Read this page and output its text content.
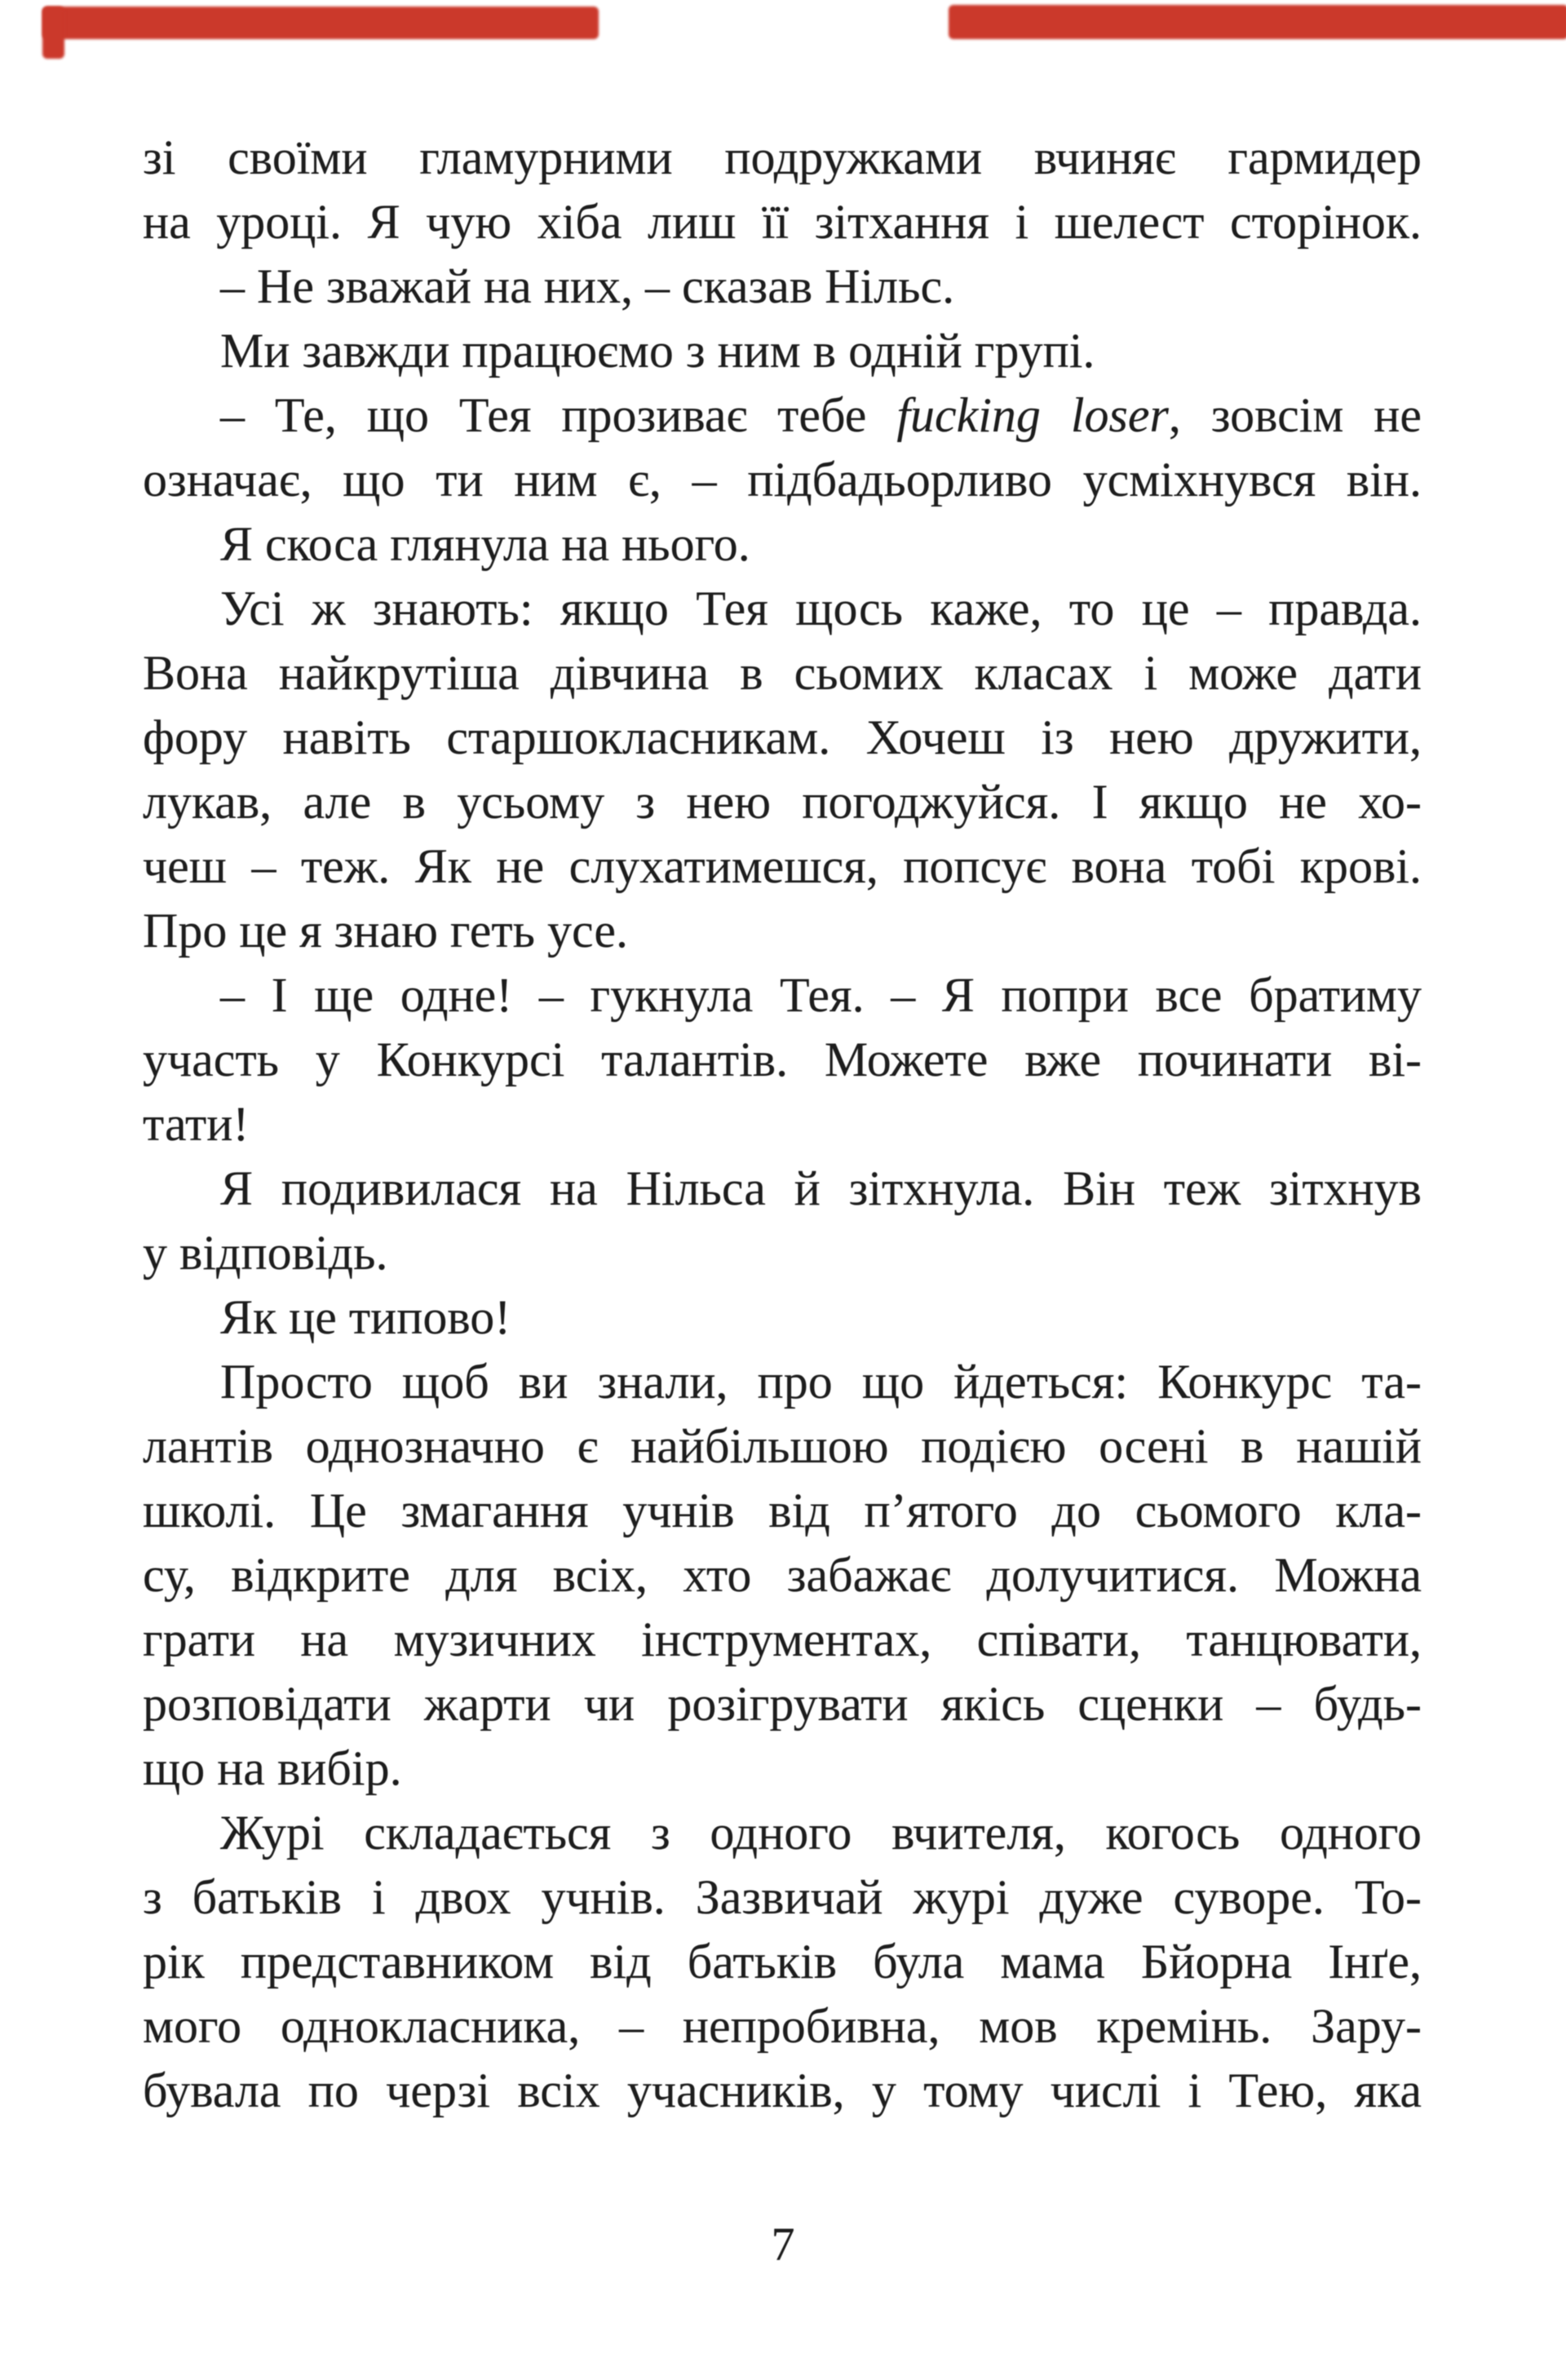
зі своїми гламурними подружками вчиняє гармидер
на уроці. Я чую хіба лиш її зітхання і шелест сторінок.
– Не зважай на них, – сказав Нільс.
Ми завжди працюємо з ним в одній групі.
– Те, що Тея прозиває тебе fucking loser, зовсім не
означає, що ти ним є, – підбадьорливо усміхнувся він.
Я скоса глянула на нього.
Усі ж знають: якщо Тея щось каже, то це – правда.
Вона найкрутіша дівчина в сьомих класах і може дати
фору навіть старшокласникам. Хочеш із нею дружити,
лукав, але в усьому з нею погоджуйся. І якщо не хо-
чеш – теж. Як не слухатимешся, попсує вона тобі крові.
Про це я знаю геть усе.
– І ще одне! – гукнула Тея. – Я попри все братиму
участь у Конкурсі талантів. Можете вже починати ві-
тати!
Я подивилася на Нільса й зітхнула. Він теж зітхнув
у відповідь.
Як це типово!
Просто щоб ви знали, про що йдеться: Конкурс та-
лантів однозначно є найбільшою подією осені в нашій
школі. Це змагання учнів від п’ятого до сьомого кла-
су, відкрите для всіх, хто забажає долучитися. Можна
грати на музичних інструментах, співати, танцювати,
розповідати жарти чи розігрувати якісь сценки – будь-
що на вибір.
Журі складається з одного вчителя, когось одного
з батьків і двох учнів. Зазвичай журі дуже суворе. То-
рік представником від батьків була мама Бйорна Інґе,
мого однокласника, – непробивна, мов кремінь. Зару-
бувала по черзі всіх учасників, у тому числі і Тею, яка
7
